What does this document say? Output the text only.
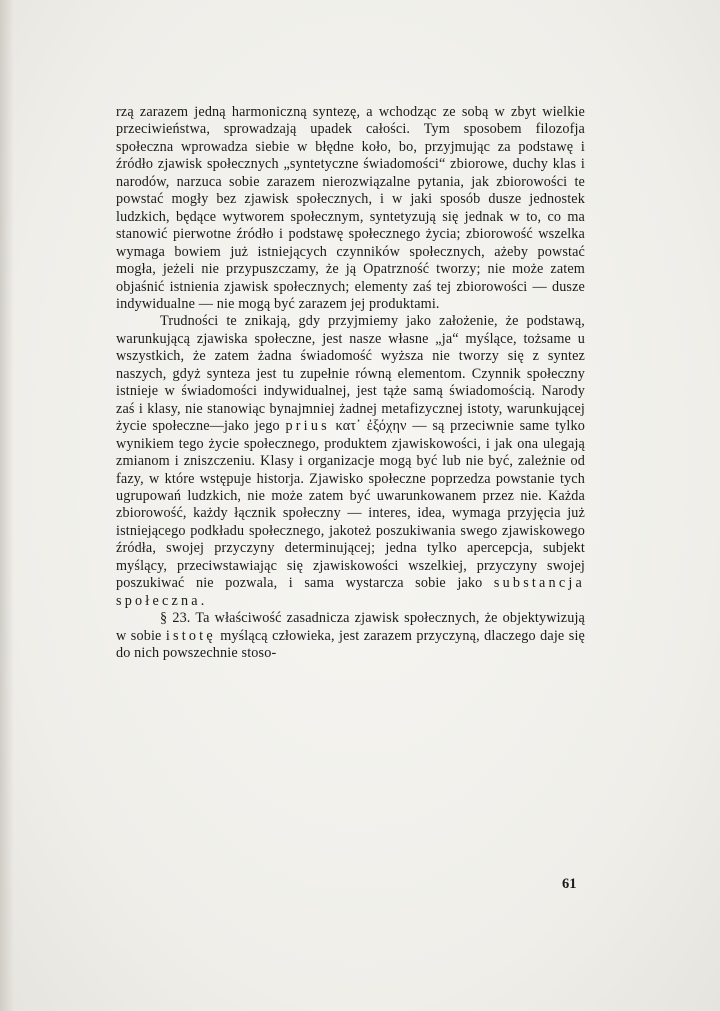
rzą zarazem jedną harmoniczną syntezę, a wchodząc ze sobą w zbyt wielkie przeciwieństwa, sprowadzają upadek całości. Tym sposobem filozofja społeczna wprowadza siebie w błędne koło, bo, przyjmując za podstawę i źródło zjawisk społecznych „syntetyczne świadomości“ zbiorowe, duchy klas i narodów, narzuca sobie zarazem nierozwiązalne pytania, jak zbiorowości te powstać mogły bez zjawisk społecznych, i w jaki sposób dusze jednostek ludzkich, będące wytworem społecznym, syntetyzują się jednak w to, co ma stanowić pierwotne źródło i podstawę społecznego życia; zbiorowość wszelka wymaga bowiem już istniejących czynników społecznych, ażeby powstać mogła, jeżeli nie przypuszczamy, że ją Opatrzność tworzy; nie może zatem objaśnić istnienia zjawisk społecznych; elementy zaś tej zbiorowości — dusze indywidualne — nie mogą być zarazem jej produktami.

Trudności te znikają, gdy przyjmiemy jako założenie, że podstawą, warunkującą zjawiska społeczne, jest nasze własne „ja“ myślące, tożsame u wszystkich, że zatem żadna świadomość wyższa nie tworzy się z syntez naszych, gdyż synteza jest tu zupełnie równą elementom. Czynnik społeczny istnieje w świadomości indywidualnej, jest tąże samą świadomością. Narody zaś i klasy, nie stanowiąc bynajmniej żadnej metafizycznej istoty, warunkującej życie społeczne—jako jego prius κατ᾽ ἐξόχην — są przeciwnie same tylko wynikiem tego życie społecznego, produktem zjawiskowości, i jak ona ulegają zmianom i zniszczeniu. Klasy i organizacje mogą być lub nie być, zależnie od fazy, w które wstępuje historja. Zjawisko społeczne poprzedza powstanie tych ugrupowań ludzkich, nie może zatem być uwarunkowanem przez nie. Każda zbiorowość, każdy łącznik społeczny — interes, idea, wymaga przyjęcia już istniejącego podkładu społecznego, jakoteż poszukiwania swego zjawiskowego źródła, swojej przyczyny determinującej; jedna tylko apercepcja, subjekt myślący, przeciwstawiając się zjawiskowości wszelkiej, przyczyny swojej poszukiwać nie pozwala, i sama wystarcza sobie jako substancja społeczna.

§ 23. Ta właściwość zasadnicza zjawisk społecznych, że objektywizują w sobie istotę myślącą człowieka, jest zarazem przyczyną, dlaczego daje się do nich powszechnie stoso-

61
